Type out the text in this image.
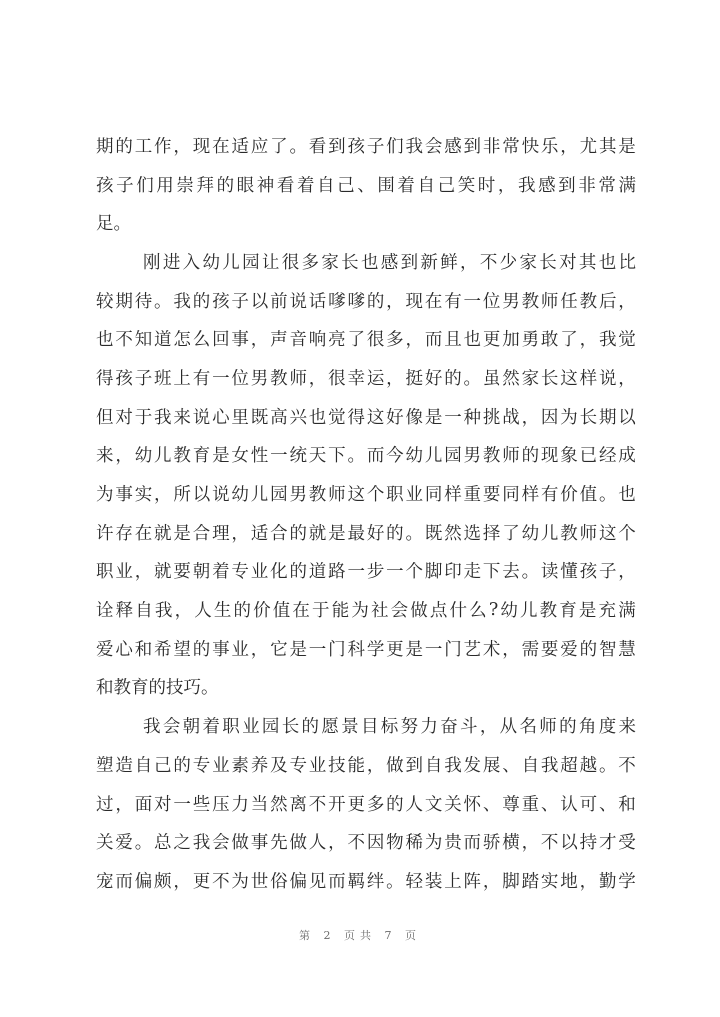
期 的 工 作 ， 现 在 适 应 了 。 看 到 孩 子 们 我 会 感 到 非 常 快 乐 ， 尤 其 是
孩 子 们 用 崇 拜 的 眼 神 看 着 自 己 、 围 着 自 己 笑 时 ， 我 感 到 非 常 满
足 。
刚 进 入 幼 儿 园 让 很 多 家 长 也 感 到 新 鲜 ， 不 少 家 长 对 其 也 比
较 期 待 。 我 的 孩 子 以 前 说 话 嗲 嗲 的 ， 现 在 有 一 位 男 教 师 任 教 后 ，
也 不 知 道 怎 么 回 事 ， 声 音 响 亮 了 很 多 ， 而 且 也 更 加 勇 敢 了 ， 我 觉
得 孩 子 班 上 有 一 位 男 教 师 ， 很 幸 运 ， 挺 好 的 。 虽 然 家 长 这 样 说 ，
但 对 于 我 来 说 心 里 既 高 兴 也 觉 得 这 好 像 是 一 种 挑 战 ， 因 为 长 期 以
来 ， 幼 儿 教 育 是 女 性 一 统 天 下 。 而 今 幼 儿 园 男 教 师 的 现 象 已 经 成
为 事 实 ， 所 以 说 幼 儿 园 男 教 师 这 个 职 业 同 样 重 要 同 样 有 价 值 。 也
许 存 在 就 是 合 理 ， 适 合 的 就 是 最 好 的 。 既 然 选 择 了 幼 儿 教 师 这 个
职 业 ， 就 要 朝 着 专 业 化 的 道 路 一 步 一 个 脚 印 走 下 去 。 读 懂 孩 子 ，
诠 释 自 我 ， 人 生 的 价 值 在 于 能 为 社 会 做 点 什 么 ? 幼 儿 教 育 是 充 满
爱 心 和 希 望 的 事 业 ， 它 是 一 门 科 学 更 是 一 门 艺 术 ， 需 要 爱 的 智 慧
和 教 育 的 技 巧 。
我 会 朝 着 职 业 园 长 的 愿 景 目 标 努 力 奋 斗 ， 从 名 师 的 角 度 来
塑 造 自 己 的 专 业 素 养 及 专 业 技 能 ， 做 到 自 我 发 展 、 自 我 超 越 。 不
过 ， 面 对 一 些 压 力 当 然 离 不 开 更 多 的 人 文 关 怀 、 尊 重 、 认 可 、 和
关 爱 。 总 之 我 会 做 事 先 做 人 ， 不 因 物 稀 为 贵 而 骄 横 ， 不 以 持 才 受
宠 而 偏 颇 ， 更 不 为 世 俗 偏 见 而 羁 绊 。 轻 装 上 阵 ， 脚 踏 实 地 ， 勤 学
第 2 页共 7 页
